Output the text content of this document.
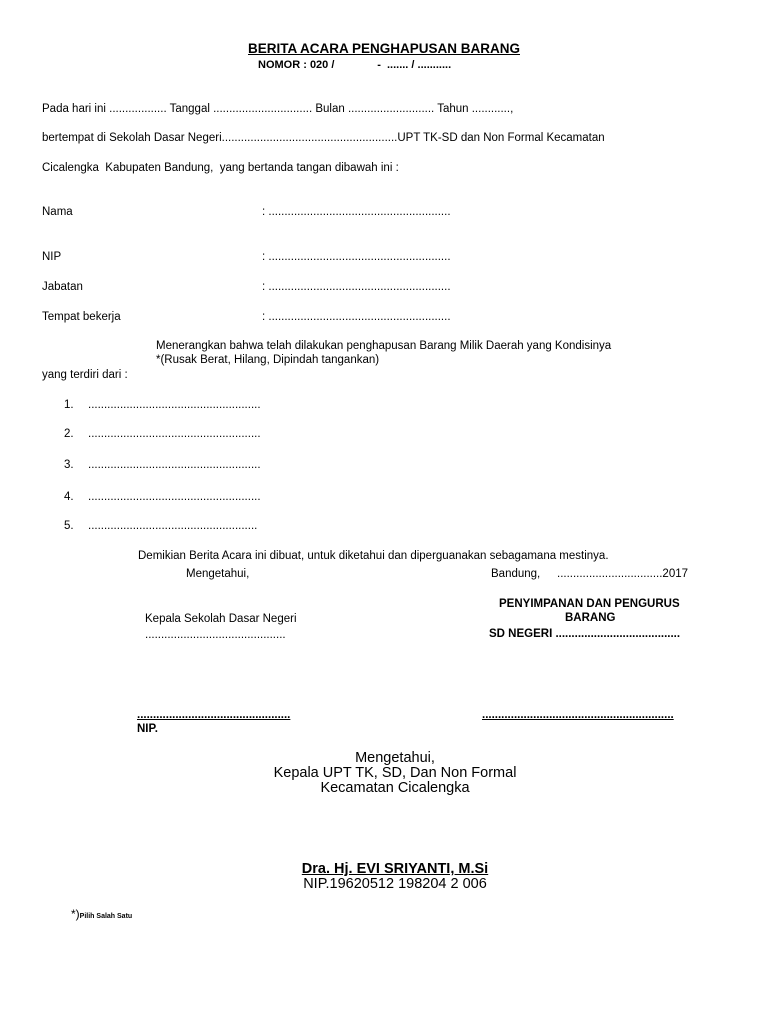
BERITA ACARA PENGHAPUSAN BARANG
NOMOR : 020 /              -  ....... / ...........
Pada hari ini .................. Tanggal ............................... Bulan ........................... Tahun ............,
bertempat di Sekolah Dasar Negeri.......................................................UPT TK-SD dan Non Formal Kecamatan
Cicalengka  Kabupaten Bandung,  yang bertanda tangan dibawah ini :
Nama	: .........................................................
NIP	: .........................................................
Jabatan	: .........................................................
Tempat bekerja	: .........................................................
Menerangkan bahwa telah dilakukan penghapusan Barang Milik Daerah yang Kondisinya
*(Rusak Berat, Hilang, Dipindah tangankan)
yang terdiri dari :
1. ......................................................
2. ......................................................
3. ......................................................
4. ......................................................
5. .....................................................
Demikian Berita Acara ini dibuat, untuk diketahui dan diperguanakan sebagamana mestinya.
Mengetahui,
Kepala Sekolah Dasar Negeri
............................................
................................................
NIP.
Bandung, .................................2017
PENYIMPANAN DAN PENGURUS
BARANG
SD NEGERI .......................................
............................................................
Mengetahui,
Kepala UPT TK, SD, Dan Non Formal
Kecamatan Cicalengka
Dra. Hj. EVI SRIYANTI, M.Si
NIP.19620512 198204 2 006
*)Pilih Salah Satu
